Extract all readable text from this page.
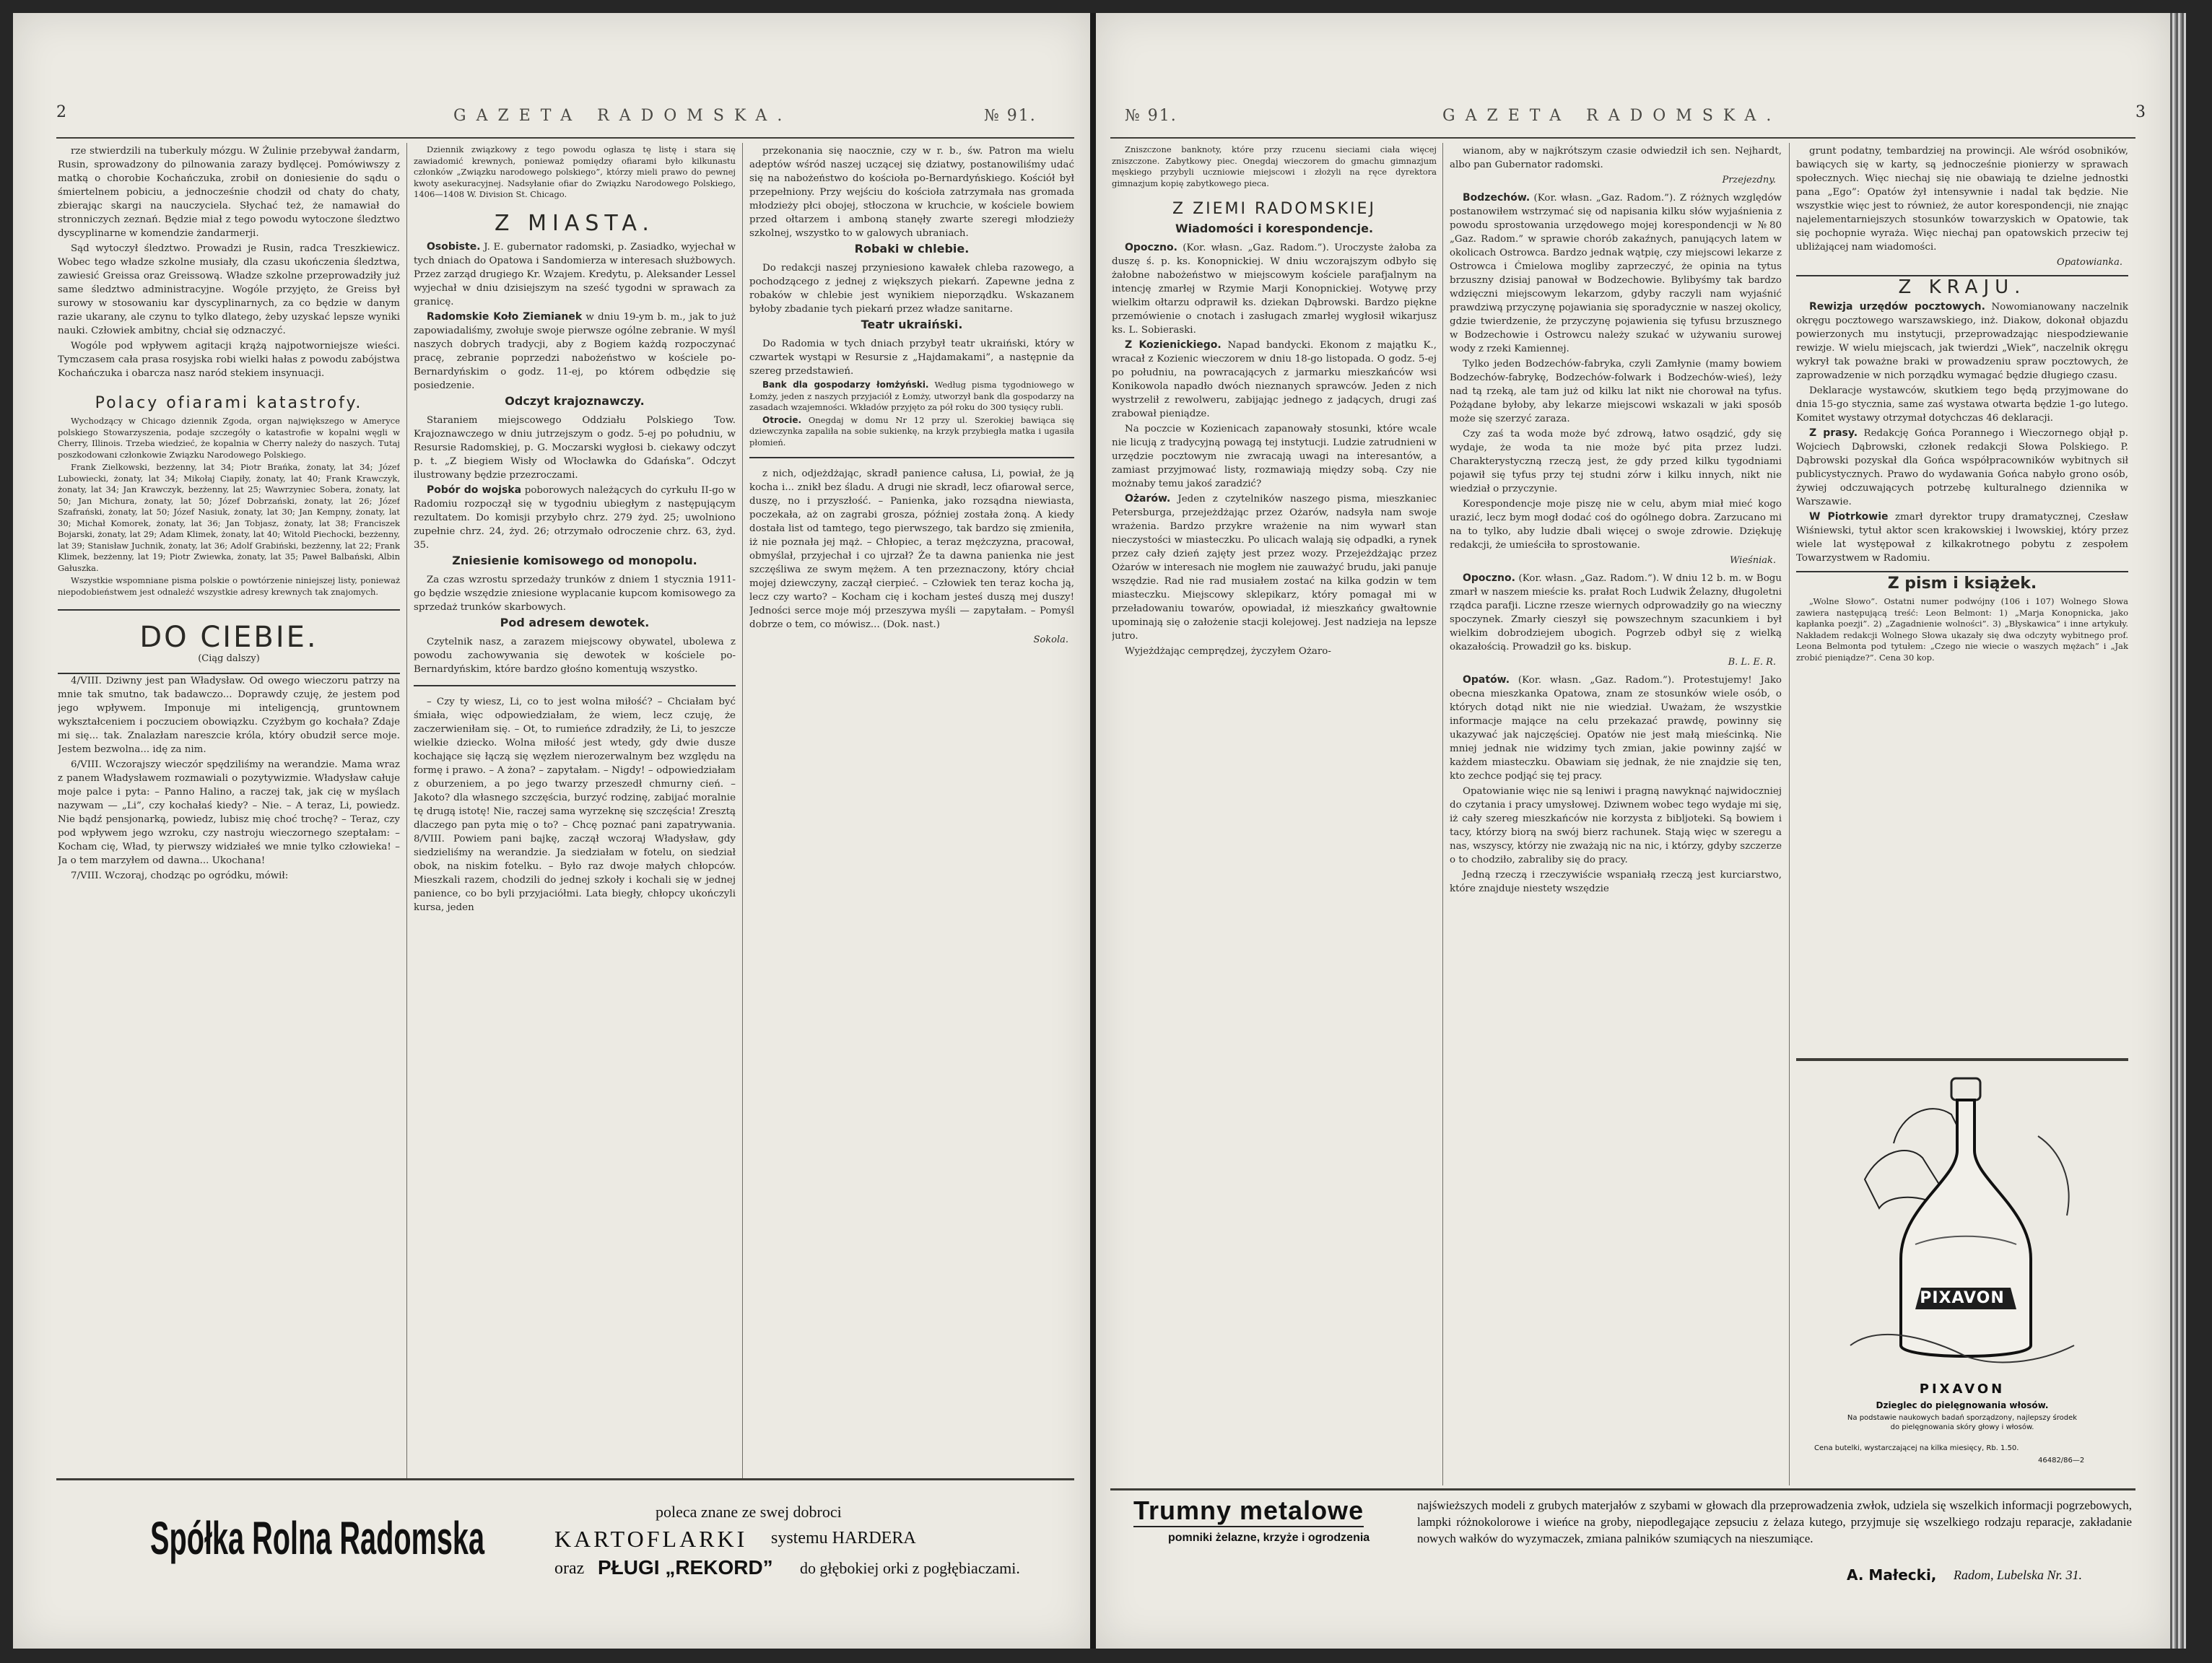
2	GAZETA RADOMSKA.	№ 91.

rze stwierdzili na tuberkuly mózgu. W Żulinie przebywał żandarm, Rusin, sprowadzony do pilnowania zarazy bydlęcej. Pomówiwszy z matką o chorobie Kochańczuka, zrobił on doniesienie do sądu o śmiertelnem pobiciu, a jednocześnie chodził od chaty do chaty, zbierając skargi na nauczyciela. Słychać też, że namawiał do stronniczych zeznań. Będzie miał z tego powodu wytoczone śledztwo dyscyplinarne w komendzie żandarmerji.

Sąd wytoczył śledztwo. Prowadzi je Rusin, radca Treszkiewicz. Wobec tego władze szkolne musiały, dla czasu ukończenia śledztwa, zawiesić Greissa oraz Greissową. Władze szkolne przeprowadziły już same śledztwo administracyjne. Wogóle przyjęto, że Greiss był surowy w stosowaniu kar dyscyplinarnych, za co będzie w danym razie ukarany, ale czynu to tylko dlatego, żeby uzyskać lepsze wyniki nauki. Człowiek ambitny, chciał się odznaczyć.

Wogóle pod wpływem agitacji krążą najpotworniejsze wieści. Tymczasem cała prasa rosyjska robi wielki hałas z powodu zabójstwa Kochańczuka i obarcza nasz naród stekiem insynuacji.

Polacy ofiarami katastrofy.

Wychodzący w Chicago dziennik Zgoda, organ największego w Ameryce polskiego Stowarzyszenia, podaje szczegóły o katastrofie w kopalni węgli w Cherry, Illinois. Trzeba wiedzieć, że kopalnia w Cherry należy do naszych. Tutaj poszkodowani członkowie Związku Narodowego Polskiego.

Frank Zielkowski, bezżenny, lat 34; Piotr Brańka, żonaty, lat 34; Józef Lubowiecki, żonaty, lat 34; Mikołaj Ciapiły, żonaty, lat 40; Frank Krawczyk, żonaty, lat 34; Jan Krawczyk, bezżenny, lat 25; Wawrzyniec Sobera, żonaty, lat 50; Jan Michura, żonaty, lat 50; Józef Dobrzański, żonaty, lat 26; Józef Szafrański, żonaty, lat 50; Józef Nasiuk, żonaty, lat 30; Jan Kempny, żonaty, lat 30; Michał Komorek, żonaty, lat 36; Jan Tobjasz, żonaty, lat 38; Franciszek Bojarski, żonaty, lat 29; Adam Klimek, żonaty, lat 40; Witold Piechocki, bezżenny, lat 39; Stanisław Juchnik, żonaty, lat 36; Adolf Grabiński, bezżenny, lat 22; Frank Klimek, bezżenny, lat 19; Piotr Zwiewka, żonaty, lat 35; Paweł Balbański, Albin Gałuszka.

Wszystkie wspomniane pisma polskie o powtórzenie niniejszej listy, ponieważ niepodobieństwem jest odnaleźć wszystkie adresy krewnych tak znajomych.

DO CIEBIE.
(Ciąg dalszy)

4/VIII. Dziwny jest pan Władysław. Od owego wieczoru patrzy na mnie tak smutno, tak badawczo... Doprawdy czuję, że jestem pod jego wpływem. Imponuje mi inteligencją, gruntownem wykształceniem i poczuciem obowiązku. Czyżbym go kochała? Zdaje mi się... tak. Znalazłam nareszcie króla, który obudził serce moje. Jestem bezwolna... idę za nim.

6/VIII. Wczorajszy wieczór spędziliśmy na werandzie. Mama wraz z panem Władysławem rozmawiali o pozytywizmie. Władysław całuje moje palce i pyta: – Panno Halino, a raczej tak, jak cię w myślach nazywam — „Li”, czy kochałaś kiedy? – Nie. – A teraz, Li, powiedz. Nie bądź pensjonarką, powiedz, lubisz mię choć trochę? – Teraz, czy pod wpływem jego wzroku, czy nastroju wieczornego szeptałam: – Kocham cię, Wład, ty pierwszy widziałeś we mnie tylko człowieka! – Ja o tem marzyłem od dawna... Ukochana!

7/VIII. Wczoraj, chodząc po ogródku, mówił:

Dziennik związkowy z tego powodu ogłasza tę listę i stara się zawiadomić krewnych, ponieważ pomiędzy ofiarami było kilkunastu członków „Związku narodowego polskiego”, którzy mieli prawo do pewnej kwoty asekuracyjnej. Nadsyłanie ofiar do Związku Narodowego Polskiego, 1406—1408 W. Division St. Chicago.

Z MIASTA.

Osobiste. J. E. gubernator radomski, p. Zasiadko, wyjechał w tych dniach do Opatowa i Sandomierza w interesach służbowych. Przez zarząd drugiego Kr. Wzajem. Kredytu, p. Aleksander Lessel wyjechał w dniu dzisiejszym na sześć tygodni w sprawach za granicę.

Radomskie Koło Ziemianek w dniu 19-ym b. m., jak to już zapowiadaliśmy, zwołuje swoje pierwsze ogólne zebranie. W myśl naszych dobrych tradycji, aby z Bogiem każdą rozpoczynać pracę, zebranie poprzedzi nabożeństwo w kościele po-Bernardyńskim o godz. 11-ej, po którem odbędzie się posiedzenie.

Odczyt krajoznawczy.

Staraniem miejscowego Oddziału Polskiego Tow. Krajoznawczego w dniu jutrzejszym o godz. 5-ej po południu, w Resursie Radomskiej, p. G. Moczarski wygłosi b. ciekawy odczyt p. t. „Z biegiem Wisły od Włocławka do Gdańska”. Odczyt ilustrowany będzie przezroczami.

Pobór do wojska poborowych należących do cyrkułu II-go w Radomiu rozpoczął się w tygodniu ubiegłym z następującym rezultatem. Do komisji przybyło chrz. 279 żyd. 25; uwolniono zupełnie chrz. 24, żyd. 26; otrzymało odroczenie chrz. 63, żyd. 35.

Zniesienie komisowego od monopolu.

Za czas wzrostu sprzedaży trunków z dniem 1 stycznia 1911-go będzie wszędzie zniesione wyplacanie kupcom komisowego za sprzedaż trunków skarbowych.

Pod adresem dewotek.

Czytelnik nasz, a zarazem miejscowy obywatel, ubolewa z powodu zachowywania się dewotek w kościele po-Bernardyńskim, które bardzo głośno komentują wszystko.

– Czy ty wiesz, Li, co to jest wolna miłość? – Chciałam być śmiała, więc odpowiedziałam, że wiem, lecz czuję, że zaczerwieniłam się. – Ot, to rumieńce zdradziły, że Li, to jeszcze wielkie dziecko. Wolna miłość jest wtedy, gdy dwie dusze kochające się łączą się węzłem nierozerwalnym bez względu na formę i prawo. – A żona? – zapytałam. – Nigdy! – odpowiedziałam z oburzeniem, a po jego twarzy przeszedł chmurny cień. – Jakoto? dla własnego szczęścia, burzyć rodzinę, zabijać moralnie tę drugą istotę! Nie, raczej sama wyrzeknę się szczęścia! Zresztą dlaczego pan pyta mię o to? – Chcę poznać pani zapatrywania. 8/VIII. Powiem pani bajkę, zaczął wczoraj Władysław, gdy siedzieliśmy na werandzie. Ja siedziałam w fotelu, on siedział obok, na niskim fotelku. – Było raz dwoje małych chłopców. Mieszkali razem, chodzili do jednej szkoły i kochali się w jednej panience, co bo byli przyjaciółmi. Lata biegły, chłopcy ukończyli kursa, jeden

przekonania się naocznie, czy w r. b., św. Patron ma wielu adeptów wśród naszej uczącej się dziatwy, postanowiliśmy udać się na nabożeństwo do kościoła po-Bernardyńskiego. Kościół był przepełniony. Przy wejściu do kościoła zatrzymała nas gromada młodzieży płci obojej, stłoczona w kruchcie, w kościele bowiem przed ołtarzem i amboną stanęły zwarte szeregi młodzieży szkolnej, wszystko to w galowych ubraniach.

Robaki w chlebie.

Do redakcji naszej przyniesiono kawałek chleba razowego, a pochodzącego z jednej z większych piekarń. Zapewne jedna z robaków w chlebie jest wynikiem nieporządku. Wskazanem byłoby zbadanie tych piekarń przez władze sanitarne.

Teatr ukraiński.

Do Radomia w tych dniach przybył teatr ukraiński, który w czwartek wystąpi w Resursie z „Hajdamakami”, a następnie da szereg przedstawień.

Bank dla gospodarzy łomżyński. Według pisma tygodniowego w Łomży, jeden z naszych przyjaciół z Łomży, utworzył bank dla gospodarzy na zasadach wzajemności. Wkładów przyjęto za pół roku do 300 tysięcy rubli.

Otrocie. Onegdaj w domu Nr 12 przy ul. Szerokiej bawiąca się dziewczynka zapaliła na sobie sukienkę, na krzyk przybiegła matka i ugasiła płomień.

z nich, odjeżdżając, skradł panience całusa, Li, powiał, że ją kocha i... znikł bez śladu. A drugi nie skradł, lecz ofiarował serce, duszę, no i przyszłość. – Panienka, jako rozsądna niewiasta, poczekała, aż on zagrabi grosza, później została żoną. A kiedy dostała list od tamtego, tego pierwszego, tak bardzo się zmieniła, iż nie poznała jej mąż. – Chłopiec, a teraz mężczyzna, pracował, obmyślał, przyjechał i co ujrzał? Że ta dawna panienka nie jest szczęśliwa ze swym mężem. A ten przeznaczony, który chciał mojej dziewczyny, zaczął cierpieć. – Człowiek ten teraz kocha ją, lecz czy warto? – Kocham cię i kocham jesteś duszą mej duszy! Jedności serce moje mój przeszywa myśli — zapytałam. – Pomyśl dobrze o tem, co mówisz... (Dok. nast.)

Sokola.
Spółka Rolna Radomska
poleca znane ze swej dobroci
KARTOFLARKI systemu HARDERA
oraz PŁUGI „REKORD” do głębokiej orki z pogłębiaczami.
№ 91.	GAZETA RADOMSKA.	3

Zniszczone banknoty, które przy rzucenu sieciami ciała więcej zniszczone. Zabytkowy piec. Onegdaj wieczorem do gmachu gimnazjum męskiego przybyli uczniowie miejscowi i złożyli na ręce dyrektora gimnazjum kopię zabytkowego pieca.

Z ZIEMI RADOMSKIEJ
Wiadomości i korespondencje.

Opoczno. (Kor. własn. „Gaz. Radom.”). Uroczyste żałoba za duszę ś. p. ks. Konopnickiej. W dniu wczorajszym odbyło się żałobne nabożeństwo w miejscowym kościele parafjalnym na intencję zmarłej w Rzymie Marji Konopnickiej. Wotywę przy wielkim ołtarzu odprawił ks. dziekan Dąbrowski. Bardzo piękne przemówienie o cnotach i zasługach zmarłej wygłosił wikarjusz ks. L. Sobieraski.

Z Kozienickiego. Napad bandycki. Ekonom z majątku K., wracał z Kozienic wieczorem w dniu 18-go listopada. O godz. 5-ej po południu, na powracających z jarmarku mieszkańców wsi Konikowola napadło dwóch nieznanych sprawców. Jeden z nich wystrzelił z rewolweru, zabijając jednego z jadących, drugi zaś zrabował pieniądze.

Na poczcie w Kozienicach zapanowały stosunki, które wcale nie licują z tradycyjną powagą tej instytucji. Ludzie zatrudnieni w urzędzie pocztowym nie zwracają uwagi na interesantów, a zamiast przyjmować listy, rozmawiają między sobą. Czy nie możnaby temu jakoś zaradzić?

Ożarów. Jeden z czytelników naszego pisma, mieszkaniec Petersburga, przejeżdżając przez Ożarów, nadsyła nam swoje wrażenia. Bardzo przykre wrażenie na nim wywarł stan nieczystości w miasteczku. Po ulicach walają się odpadki, a rynek przez cały dzień zajęty jest przez wozy. Przejeżdżając przez Ożarów w interesach nie mogłem nie zauważyć brudu, jaki panuje wszędzie. Rad nie rad musiałem zostać na kilka godzin w tem miasteczku. Miejscowy sklepikarz, który pomagał mi w przeładowaniu towarów, opowiadał, iż mieszkańcy gwałtownie upominają się o założenie stacji kolejowej. Jest nadzieja na lepsze jutro.

Wyjeżdżając cemprędzej, życzyłem Ożaro-

wianom, aby w najkrótszym czasie odwiedził ich sen. Nejhardt, albo pan Gubernator radomski.

Przejezdny.

Bodzechów. (Kor. własn. „Gaz. Radom.”). Z różnych względów postanowiłem wstrzymać się od napisania kilku słów wyjaśnienia z powodu sprostowania urzędowego mojej korespondencji w №80 „Gaz. Radom.” w sprawie chorób zakaźnych, panujących latem w okolicach Ostrowca. Bardzo jednak wątpię, czy miejscowi lekarze z Ostrowca i Ćmielowa mogliby zaprzeczyć, że opinia na tytus brzuszny dzisiaj panował w Bodzechowie. Bylibyśmy tak bardzo wdzięczni miejscowym lekarzom, gdyby raczyli nam wyjaśnić prawdziwą przyczynę pojawiania się sporadycznie w naszej okolicy, gdzie twierdzenie, że przyczynę pojawienia się tyfusu brzusznego w Bodzechowie i Ostrowcu należy szukać w używaniu surowej wody z rzeki Kamiennej.

Tylko jeden Bodzechów-fabryka, czyli Zamłynie (mamy bowiem Bodzechów-fabrykę, Bodzechów-folwark i Bodzechów-wieś), leży nad tą rzeką, ale tam już od kilku lat nikt nie chorował na tyfus. Pożądane byłoby, aby lekarze miejscowi wskazali w jaki sposób może się szerzyć zaraza.

Czy zaś ta woda może być zdrową, łatwo osądzić, gdy się wydaje, że woda ta nie może być pita przez ludzi. Charakterystyczną rzeczą jest, że gdy przed kilku tygodniami pojawił się tyfus przy tej studni zórw i kilku innych, nikt nie wiedział o przyczynie.

Korespondencje moje piszę nie w celu, abym miał mieć kogo urazić, lecz bym mogł dodać coś do ogólnego dobra. Zarzucano mi na to tylko, aby ludzie dbali więcej o swoje zdrowie. Dziękuję redakcji, że umieściła to sprostowanie.

Wieśniak.

Opoczno. (Kor. własn. „Gaz. Radom.”). W dniu 12 b. m. w Bogu zmarł w naszem mieście ks. prałat Roch Ludwik Żelazny, długoletni rządca parafji. Liczne rzesze wiernych odprowadziły go na wieczny spoczynek. Zmarły cieszył się powszechnym szacunkiem i był wielkim dobrodziejem ubogich. Pogrzeb odbył się z wielką okazałością. Prowadził go ks. biskup.

B. L. E. R.

Opatów. (Kor. własn. „Gaz. Radom.”). Protestujemy! Jako obecna mieszkanka Opatowa, znam ze stosunków wiele osób, o których dotąd nikt nie nie wiedział. Uważam, że wszystkie informacje mające na celu przekazać prawdę, powinny się ukazywać jak najczęściej. Opatów nie jest małą mieścinką. Nie mniej jednak nie widzimy tych zmian, jakie powinny zajść w każdem miasteczku. Obawiam się jednak, że nie znajdzie się ten, kto zechce podjąć się tej pracy.

Opatowianie więc nie są leniwi i pragną nawyknąć najwidoczniej do czytania i pracy umysłowej. Dziwnem wobec tego wydaje mi się, iż cały szereg mieszkańców nie korzysta z bibljoteki. Są bowiem i tacy, którzy biorą na swój bierz rachunek. Stają więc w szeregu a nas, wszyscy, którzy nie zważają nic na nic, i którzy, gdyby szczerze o to chodziło, zabraliby się do pracy.

Jedną rzeczą i rzeczywiście wspaniałą rzeczą jest kurciarstwo, które znajduje niestety wszędzie

grunt podatny, tembardziej na prowincji. Ale wśród osobników, bawiących się w karty, są jednocześnie pionierzy w sprawach społecznych. Więc niechaj się nie obawiają te dzielne jednostki pana „Ego”: Opatów żył intensywnie i nadal tak będzie. Nie wszystkie więc jest to również, że autor korespondencji, nie znając najelementarniejszych stosunków towarzyskich w Opatowie, tak się pochopnie wyraża. Więc niechaj pan opatowskich przeciw tej ubliżającej nam wiadomości.

Opatowianka.
Z KRAJU.

Rewizja urzędów pocztowych. Nowomianowany naczelnik okręgu pocztowego warszawskiego, inż. Diakow, dokonał objazdu powierzonych mu instytucji, przeprowadzając niespodziewanie rewizje. W wielu miejscach, jak twierdzi „Wiek”, naczelnik okręgu wykrył tak poważne braki w prowadzeniu spraw pocztowych, że zaprowadzenie w nich porządku wymagać będzie długiego czasu.

Deklaracje wystawców, skutkiem tego będą przyjmowane do dnia 15-go stycznia, same zaś wystawa otwarta będzie 1-go lutego. Komitet wystawy otrzymał dotychczas 46 deklaracji.

Z prasy. Redakcję Gońca Porannego i Wieczornego objął p. Wojciech Dąbrowski, członek redakcji Słowa Polskiego. P. Dąbrowski pozyskał dla Gońca współpracowników wybitnych sił publicystycznych. Prawo do wydawania Gońca nabyło grono osób, żywiej odczuwających potrzebę kulturalnego dziennika w Warszawie.

W Piotrkowie zmarł dyrektor trupy dramatycznej, Czesław Wiśniewski, tytuł aktor scen krakowskiej i lwowskiej, który przez wiele lat występował z kilkakrotnego pobytu z zespołem Towarzystwem w Radomiu.

Z pism i książek.

„Wolne Słowo”. Ostatni numer podwójny (106 i 107) Wolnego Słowa zawiera następującą treść: Leon Belmont: 1) „Marja Konopnicka, jako kapłanka poezji”. 2) „Zagadnienie wolności”. 3) „Błyskawica” i inne artykuły. Nakładem redakcji Wolnego Słowa ukazały się dwa odczyty wybitnego prof. Leona Belmonta pod tytułem: „Czego nie wiecie o waszych mężach” i „Jak zrobić pieniądze?”. Cena 30 kop.

PIXAVON
PIXAVON
Dzieglec do pielęgnowania włosów.
Na podstawie naukowych badań sporządzony, najlepszy środek do pielęgnowania skóry głowy i włosów.
Cena butelki, wystarczającej na kilka miesięcy, Rb. 1.50.
46482/86—2
Trumny metalowe
pomniki żelazne, krzyże i ogrodzenia
najświeższych modeli z grubych materjałów z szybami w głowach dla przeprowadzenia zwłok, udziela się wszelkich informacji pogrzebowych, lampki różnokolorowe i wieńce na groby, niepodlegające zepsuciu z żelaza kutego, przyjmuje się wszelkiego rodzaju reparacje, zakładanie nowych wałków do wyzymaczek, zmiana palników szumiących na nieszumiące.
A. Małecki, Radom, Lubelska Nr. 31.
